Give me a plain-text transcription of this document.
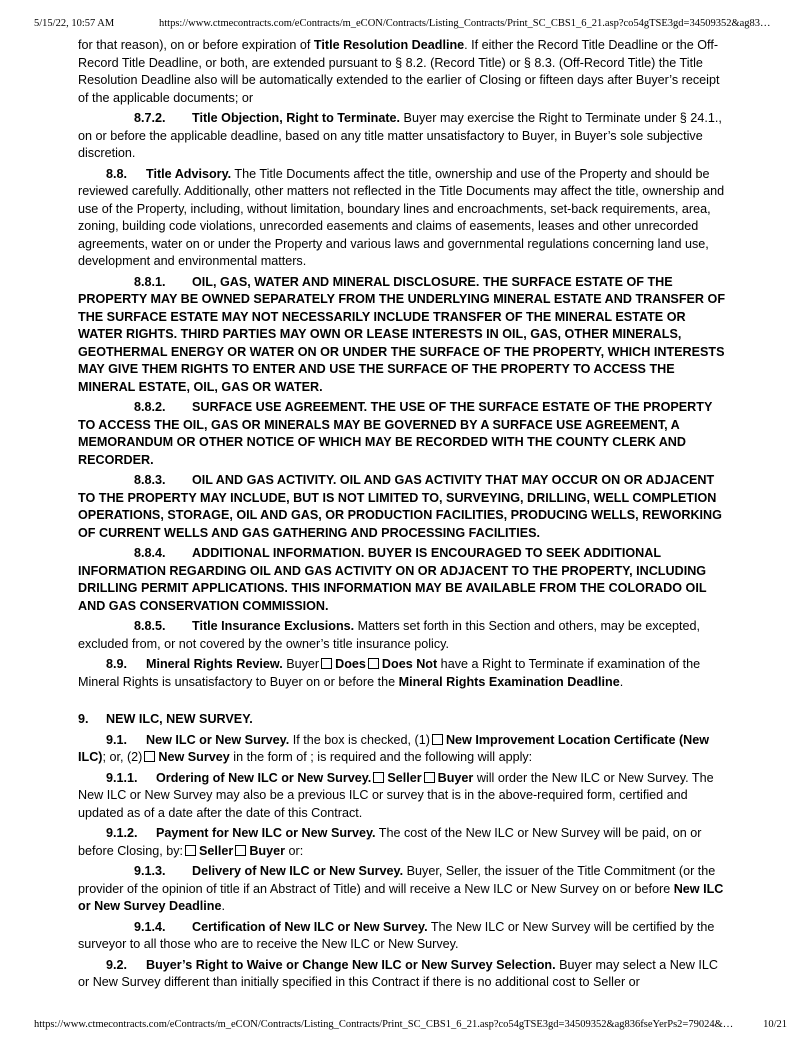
5/15/22, 10:57 AM	https://www.ctmecontracts.com/eContracts/m_eCON/Contracts/Listing_Contracts/Print_SC_CBS1_6_21.asp?co54gTSE3gd=34509352&ag83…

for that reason), on or before expiration of Title Resolution Deadline. If either the Record Title Deadline or the Off-Record Title Deadline, or both, are extended pursuant to § 8.2. (Record Title) or § 8.3. (Off-Record Title) the Title Resolution Deadline also will be automatically extended to the earlier of Closing or fifteen days after Buyer’s receipt of the applicable documents; or

8.7.2. Title Objection, Right to Terminate. Buyer may exercise the Right to Terminate under § 24.1., on or before the applicable deadline, based on any title matter unsatisfactory to Buyer, in Buyer’s sole subjective discretion.

8.8. Title Advisory. The Title Documents affect the title, ownership and use of the Property and should be reviewed carefully. Additionally, other matters not reflected in the Title Documents may affect the title, ownership and use of the Property, including, without limitation, boundary lines and encroachments, set-back requirements, area, zoning, building code violations, unrecorded easements and claims of easements, leases and other unrecorded agreements, water on or under the Property and various laws and governmental regulations concerning land use, development and environmental matters.

8.8.1. OIL, GAS, WATER AND MINERAL DISCLOSURE. THE SURFACE ESTATE OF THE PROPERTY MAY BE OWNED SEPARATELY FROM THE UNDERLYING MINERAL ESTATE AND TRANSFER OF THE SURFACE ESTATE MAY NOT NECESSARILY INCLUDE TRANSFER OF THE MINERAL ESTATE OR WATER RIGHTS. THIRD PARTIES MAY OWN OR LEASE INTERESTS IN OIL, GAS, OTHER MINERALS, GEOTHERMAL ENERGY OR WATER ON OR UNDER THE SURFACE OF THE PROPERTY, WHICH INTERESTS MAY GIVE THEM RIGHTS TO ENTER AND USE THE SURFACE OF THE PROPERTY TO ACCESS THE MINERAL ESTATE, OIL, GAS OR WATER.

8.8.2. SURFACE USE AGREEMENT. THE USE OF THE SURFACE ESTATE OF THE PROPERTY TO ACCESS THE OIL, GAS OR MINERALS MAY BE GOVERNED BY A SURFACE USE AGREEMENT, A MEMORANDUM OR OTHER NOTICE OF WHICH MAY BE RECORDED WITH THE COUNTY CLERK AND RECORDER.

8.8.3. OIL AND GAS ACTIVITY. OIL AND GAS ACTIVITY THAT MAY OCCUR ON OR ADJACENT TO THE PROPERTY MAY INCLUDE, BUT IS NOT LIMITED TO, SURVEYING, DRILLING, WELL COMPLETION OPERATIONS, STORAGE, OIL AND GAS, OR PRODUCTION FACILITIES, PRODUCING WELLS, REWORKING OF CURRENT WELLS AND GAS GATHERING AND PROCESSING FACILITIES.

8.8.4. ADDITIONAL INFORMATION. BUYER IS ENCOURAGED TO SEEK ADDITIONAL INFORMATION REGARDING OIL AND GAS ACTIVITY ON OR ADJACENT TO THE PROPERTY, INCLUDING DRILLING PERMIT APPLICATIONS. THIS INFORMATION MAY BE AVAILABLE FROM THE COLORADO OIL AND GAS CONSERVATION COMMISSION.

8.8.5. Title Insurance Exclusions. Matters set forth in this Section and others, may be excepted, excluded from, or not covered by the owner’s title insurance policy.

8.9. Mineral Rights Review. Buyer Does Does Not have a Right to Terminate if examination of the Mineral Rights is unsatisfactory to Buyer on or before the Mineral Rights Examination Deadline.

9.     NEW ILC, NEW SURVEY.

9.1. New ILC or New Survey. If the box is checked, (1) New Improvement Location Certificate (New ILC); or, (2) New Survey in the form of ; is required and the following will apply:

9.1.1. Ordering of New ILC or New Survey. Seller Buyer will order the New ILC or New Survey. The New ILC or New Survey may also be a previous ILC or survey that is in the above-required form, certified and updated as of a date after the date of this Contract.

9.1.2. Payment for New ILC or New Survey. The cost of the New ILC or New Survey will be paid, on or before Closing, by: Seller Buyer or:

9.1.3. Delivery of New ILC or New Survey. Buyer, Seller, the issuer of the Title Commitment (or the provider of the opinion of title if an Abstract of Title) and will receive a New ILC or New Survey on or before New ILC or New Survey Deadline.

9.1.4. Certification of New ILC or New Survey. The New ILC or New Survey will be certified by the surveyor to all those who are to receive the New ILC or New Survey.

9.2. Buyer’s Right to Waive or Change New ILC or New Survey Selection. Buyer may select a New ILC or New Survey different than initially specified in this Contract if there is no additional cost to Seller or

https://www.ctmecontracts.com/eContracts/m_eCON/Contracts/Listing_Contracts/Print_SC_CBS1_6_21.asp?co54gTSE3gd=34509352&ag836fseYerPs2=79024&…	10/21
